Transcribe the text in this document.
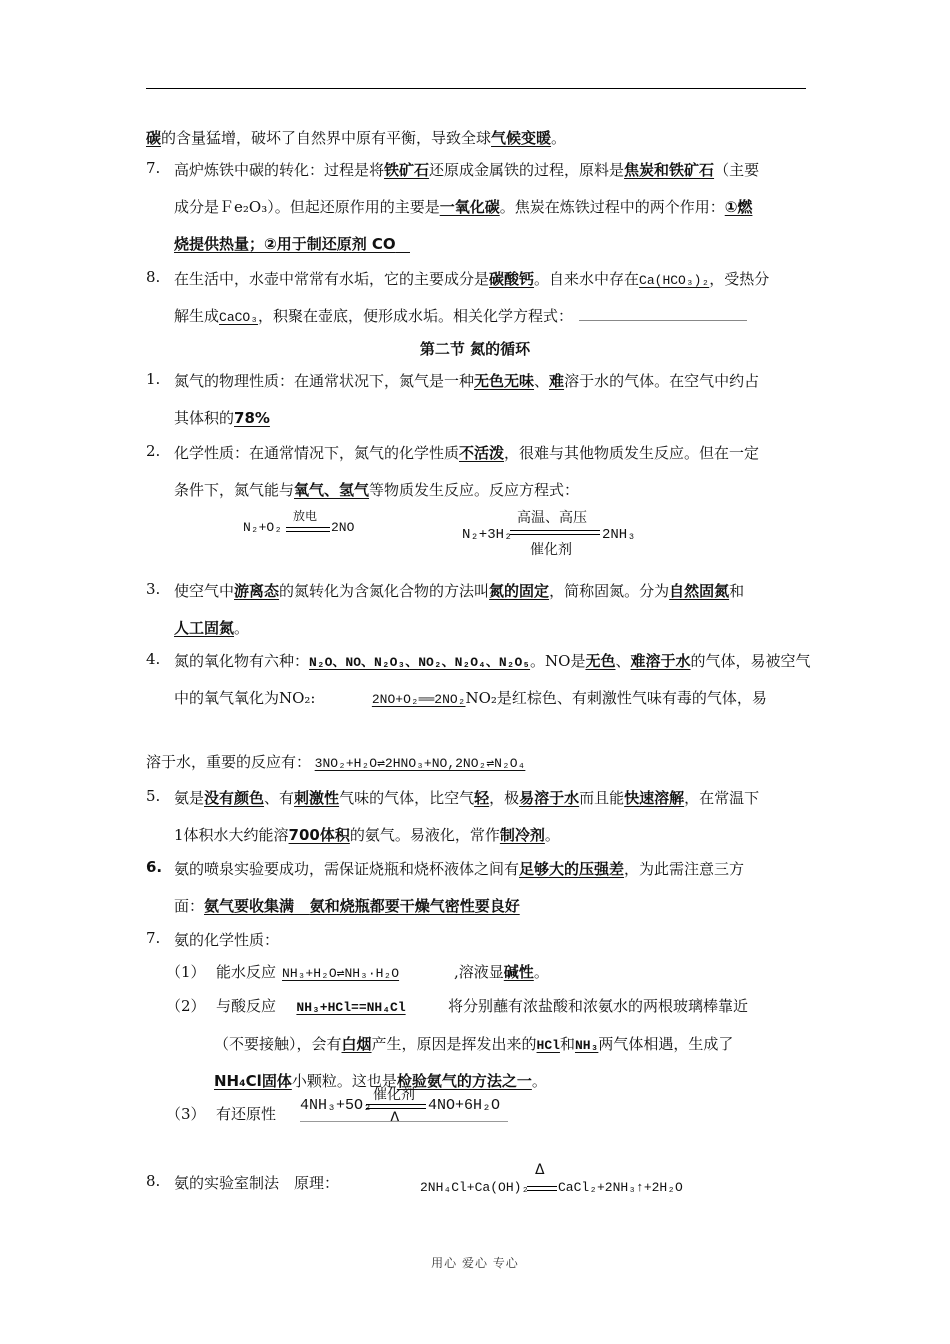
碳的含量猛增，破坏了自然界中原有平衡，导致全球气候变暖。
7. 高炉炼铁中碳的转化：过程是将铁矿石还原成金属铁的过程，原料是焦炭和铁矿石（主要
成分是Ｆe₂O₃）。但起还原作用的主要是一氧化碳。焦炭在炼铁过程中的两个作用：①燃
烧提供热量；②用于制还原剂 CO
8. 在生活中，水壶中常常有水垢，它的主要成分是碳酸钙。自来水中存在Ca(HCO₃)₂，受热分
解生成CaCO₃，积聚在壶底，便形成水垢。相关化学方程式：
第二节 氮的循环
1. 氮气的物理性质：在通常状况下，氮气是一种无色无味、难溶于水的气体。在空气中约占
其体积的78%
2. 化学性质：在通常情况下，氮气的化学性质不活泼，很难与其他物质发生反应。但在一定
条件下，氮气能与氧气、氢气等物质发生反应。反应方程式：
N₂+O₂
放电
2NO	N₂+3H₂
高温、高压
催化剂
2NH₃
3. 使空气中游离态的氮转化为含氮化合物的方法叫氮的固定，简称固氮。分为自然固氮和
人工固氮。
4. 氮的氧化物有六种：N₂O、NO、N₂O₃、NO₂、N₂O₄、N₂O₅。NO是无色、难溶于水的气体，易被空气
中的氧气氧化为NO₂:	2NO+O₂══2NO₂NO₂是红棕色、有刺激性气味有毒的气体，易
溶于水，重要的反应有： 3NO₂+H₂O⇌2HNO₃+NO,2NO₂⇌N₂O₄
5. 氨是没有颜色、有刺激性气味的气体，比空气轻，极易溶于水而且能快速溶解，在常温下
1体积水大约能溶700体积的氨气。易液化，常作制冷剂。
6. 氨的喷泉实验要成功，需保证烧瓶和烧杯液体之间有足够大的压强差，为此需注意三方
面：氨气要收集满 氨和烧瓶都要干燥气密性要良好
7. 氨的化学性质：
（1） 能水反应 NH₃+H₂O⇌NH₃·H₂O	,溶液显碱性。
（2） 与酸反应 NH₃+HCl==NH₄Cl	将分别蘸有浓盐酸和浓氨水的两根玻璃棒靠近
（不要接触），会有白烟产生，原因是挥发出来的HCl和NH₃两气体相遇，生成了
NH₄Cl固体小颗粒。这也是检验氨气的方法之一。
（3） 有还原性 4NH₃+5O₂
催化剂
Δ
4NO+6H₂O
8. 氨的实验室制法　原理：	2NH₄Cl+Ca(OH)₂
Δ
CaCl₂+2NH₃↑+2H₂O
用心 爱心 专心
